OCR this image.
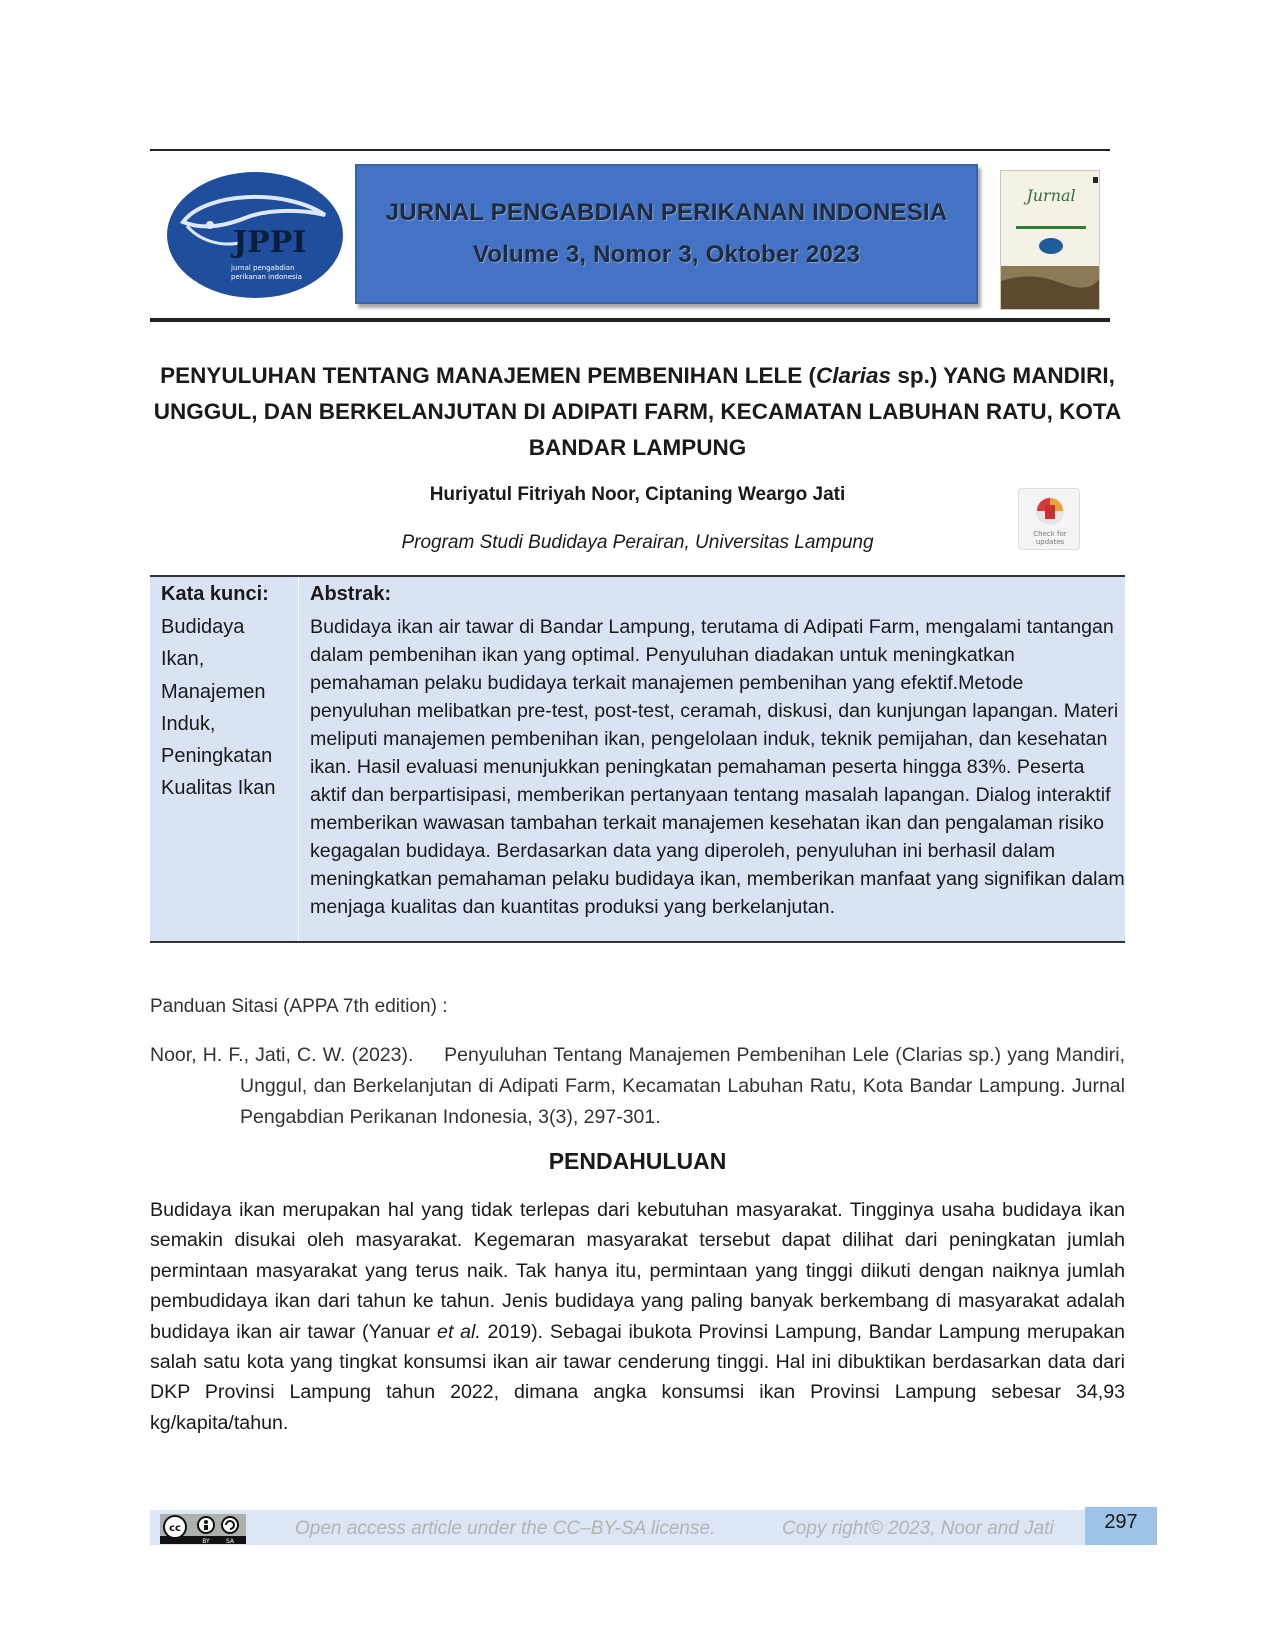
JPPI
jurnal pengabdian
perikanan indonesia
JURNAL PENGABDIAN PERIKANAN INDONESIA
Volume 3, Nomor 3, Oktober 2023
Jurnal
PENYULUHAN TENTANG MANAJEMEN PEMBENIHAN LELE (Clarias sp.) YANG MANDIRI, UNGGUL, DAN BERKELANJUTAN DI ADIPATI FARM, KECAMATAN LABUHAN RATU, KOTA BANDAR LAMPUNG
Huriyatul Fitriyah Noor, Ciptaning Weargo Jati
Program Studi Budidaya Perairan, Universitas Lampung	Check for
updates
Kata kunci:
Budidaya
Ikan,
Manajemen
Induk,
Peningkatan
Kualitas Ikan
Abstrak:

Budidaya ikan air tawar di Bandar Lampung, terutama di Adipati Farm, mengalami tantangan dalam pembenihan ikan yang optimal. Penyuluhan diadakan untuk meningkatkan pemahaman pelaku budidaya terkait manajemen pembenihan yang efektif.Metode penyuluhan melibatkan pre-test, post-test, ceramah, diskusi, dan kunjungan lapangan. Materi meliputi manajemen pembenihan ikan, pengelolaan induk, teknik pemijahan, dan kesehatan ikan. Hasil evaluasi menunjukkan peningkatan pemahaman peserta hingga 83%. Peserta aktif dan berpartisipasi, memberikan pertanyaan tentang masalah lapangan. Dialog interaktif memberikan wawasan tambahan terkait manajemen kesehatan ikan dan pengalaman risiko kegagalan budidaya. Berdasarkan data yang diperoleh, penyuluhan ini berhasil dalam meningkatkan pemahaman pelaku budidaya ikan, memberikan manfaat yang signifikan dalam menjaga kualitas dan kuantitas produksi yang berkelanjutan.

Panduan Sitasi (APPA 7th edition) :

Noor, H. F., Jati, C. W. (2023). Penyuluhan Tentang Manajemen Pembenihan Lele (Clarias sp.) yang Mandiri, Unggul, dan Berkelanjutan di Adipati Farm, Kecamatan Labuhan Ratu, Kota Bandar Lampung. Jurnal Pengabdian Perikanan Indonesia, 3(3), 297-301.

PENDAHULUAN

Budidaya ikan merupakan hal yang tidak terlepas dari kebutuhan masyarakat. Tingginya usaha budidaya ikan semakin disukai oleh masyarakat. Kegemaran masyarakat tersebut dapat dilihat dari peningkatan jumlah permintaan masyarakat yang terus naik. Tak hanya itu, permintaan yang tinggi diikuti dengan naiknya jumlah pembudidaya ikan dari tahun ke tahun. Jenis budidaya yang paling banyak berkembang di masyarakat adalah budidaya ikan air tawar (Yanuar et al. 2019). Sebagai ibukota Provinsi Lampung, Bandar Lampung merupakan salah satu kota yang tingkat konsumsi ikan air tawar cenderung tinggi. Hal ini dibuktikan berdasarkan data dari DKP Provinsi Lampung tahun 2022, dimana angka konsumsi ikan Provinsi Lampung sebesar 34,93 kg/kapita/tahun.

cc
BY	SA
Open access article under the CC–BY-SA license.	Copy right© 2023, Noor and Jati	297
